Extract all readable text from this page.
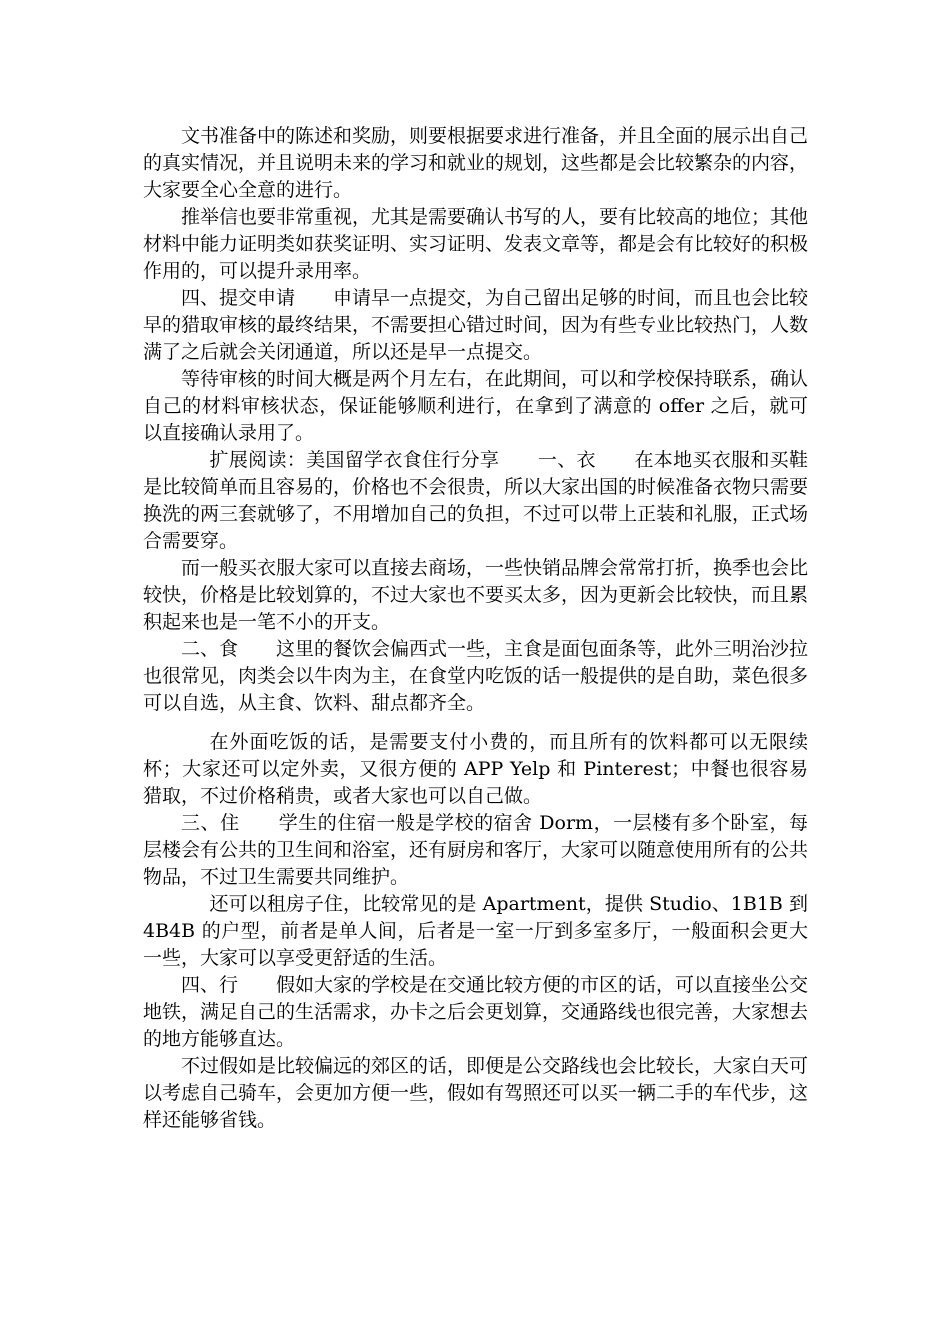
文书准备中的陈述和奖励，则要根据要求进行准备，并且全面的展示出自己的真实情况，并且说明未来的学习和就业的规划，这些都是会比较繁杂的内容，大家要全心全意的进行。

推举信也要非常重视，尤其是需要确认书写的人，要有比较高的地位；其他材料中能力证明类如获奖证明、实习证明、发表文章等，都是会有比较好的积极作用的，可以提升录用率。

四、提交申请　　申请早一点提交，为自己留出足够的时间，而且也会比较早的猎取审核的最终结果，不需要担心错过时间，因为有些专业比较热门，人数满了之后就会关闭通道，所以还是早一点提交。

等待审核的时间大概是两个月左右，在此期间，可以和学校保持联系，确认自己的材料审核状态，保证能够顺利进行，在拿到了满意的 offer 之后，就可以直接确认录用了。

扩展阅读：美国留学衣食住行分享　　一、衣　　在本地买衣服和买鞋是比较简单而且容易的，价格也不会很贵，所以大家出国的时候准备衣物只需要换洗的两三套就够了，不用增加自己的负担，不过可以带上正装和礼服，正式场合需要穿。

而一般买衣服大家可以直接去商场，一些快销品牌会常常打折，换季也会比较快，价格是比较划算的，不过大家也不要买太多，因为更新会比较快，而且累积起来也是一笔不小的开支。

二、食　　这里的餐饮会偏西式一些，主食是面包面条等，此外三明治沙拉也很常见，肉类会以牛肉为主，在食堂内吃饭的话一般提供的是自助，菜色很多可以自选，从主食、饮料、甜点都齐全。

在外面吃饭的话，是需要支付小费的，而且所有的饮料都可以无限续杯；大家还可以定外卖，又很方便的 APP Yelp 和 Pinterest；中餐也很容易猎取，不过价格稍贵，或者大家也可以自己做。

三、住　　学生的住宿一般是学校的宿舍 Dorm，一层楼有多个卧室，每层楼会有公共的卫生间和浴室，还有厨房和客厅，大家可以随意使用所有的公共物品，不过卫生需要共同维护。

还可以租房子住，比较常见的是 Apartment，提供 Studio、1B1B 到 4B4B 的户型，前者是单人间，后者是一室一厅到多室多厅，一般面积会更大一些，大家可以享受更舒适的生活。

四、行　　假如大家的学校是在交通比较方便的市区的话，可以直接坐公交地铁，满足自己的生活需求，办卡之后会更划算，交通路线也很完善，大家想去的地方能够直达。

不过假如是比较偏远的郊区的话，即便是公交路线也会比较长，大家白天可以考虑自己骑车，会更加方便一些，假如有驾照还可以买一辆二手的车代步，这样还能够省钱。
